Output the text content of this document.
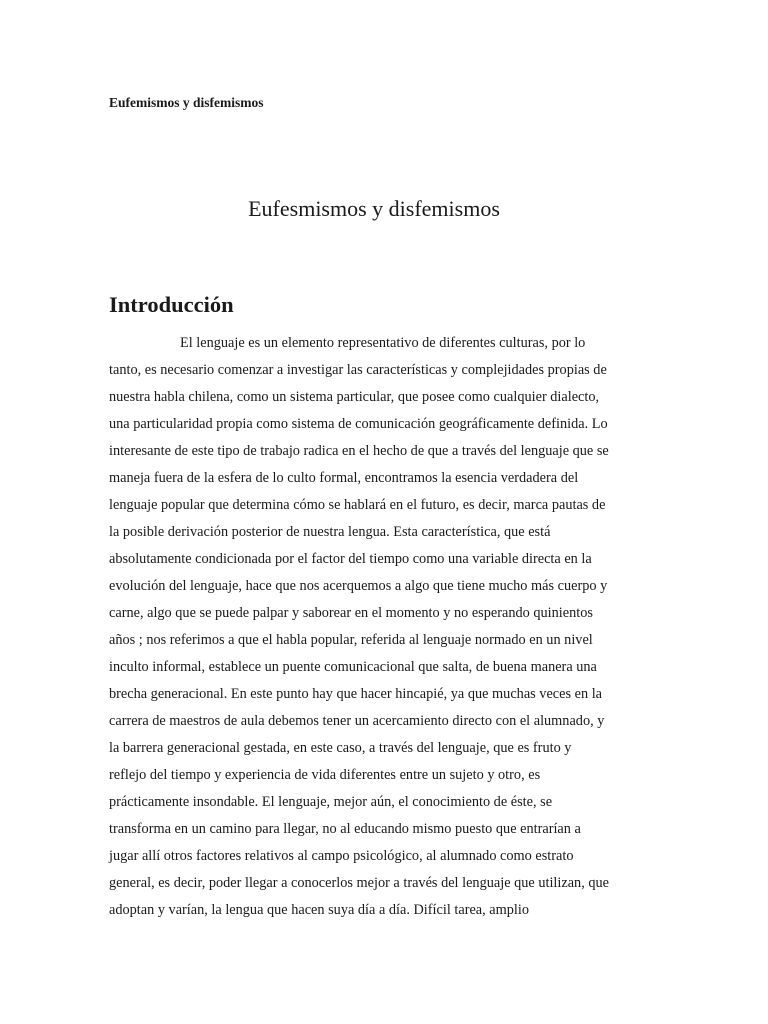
Eufemismos y disfemismos
Eufesmismos y disfemismos
Introducción
El lenguaje es un elemento representativo de diferentes culturas, por lo
tanto, es necesario comenzar a investigar las características y complejidades propias de
nuestra habla chilena, como un sistema particular, que posee como cualquier dialecto,
una particularidad propia como sistema de comunicación geográficamente definida. Lo
interesante de este tipo de trabajo radica en el hecho de que a través del lenguaje que se
maneja fuera de la esfera de lo culto formal, encontramos la esencia verdadera del
lenguaje popular que determina cómo se hablará en el futuro, es decir, marca pautas de
la posible derivación posterior de nuestra lengua. Esta característica, que está
absolutamente condicionada por el factor del tiempo como una variable directa en la
evolución del lenguaje, hace que nos acerquemos a algo que tiene mucho más cuerpo y
carne, algo que se puede palpar y saborear en el momento y no esperando quinientos
años ; nos referimos a que el habla popular, referida al lenguaje normado en un nivel
inculto informal, establece un puente comunicacional que salta, de buena manera una
brecha generacional. En este punto hay que hacer hincapié, ya que muchas veces en la
carrera de maestros de aula debemos tener un acercamiento directo con el alumnado, y
la barrera generacional gestada, en este caso, a través del lenguaje, que es fruto y
reflejo del tiempo y experiencia de vida diferentes entre un sujeto y otro, es
prácticamente insondable. El lenguaje, mejor aún, el conocimiento de éste, se
transforma en un camino para llegar, no al educando mismo puesto que entrarían a
jugar allí otros factores relativos al campo psicológico, al alumnado como estrato
general, es decir, poder llegar a conocerlos mejor a través del lenguaje que utilizan, que
adoptan y varían, la lengua que hacen suya día a día. Difícil tarea, amplio
